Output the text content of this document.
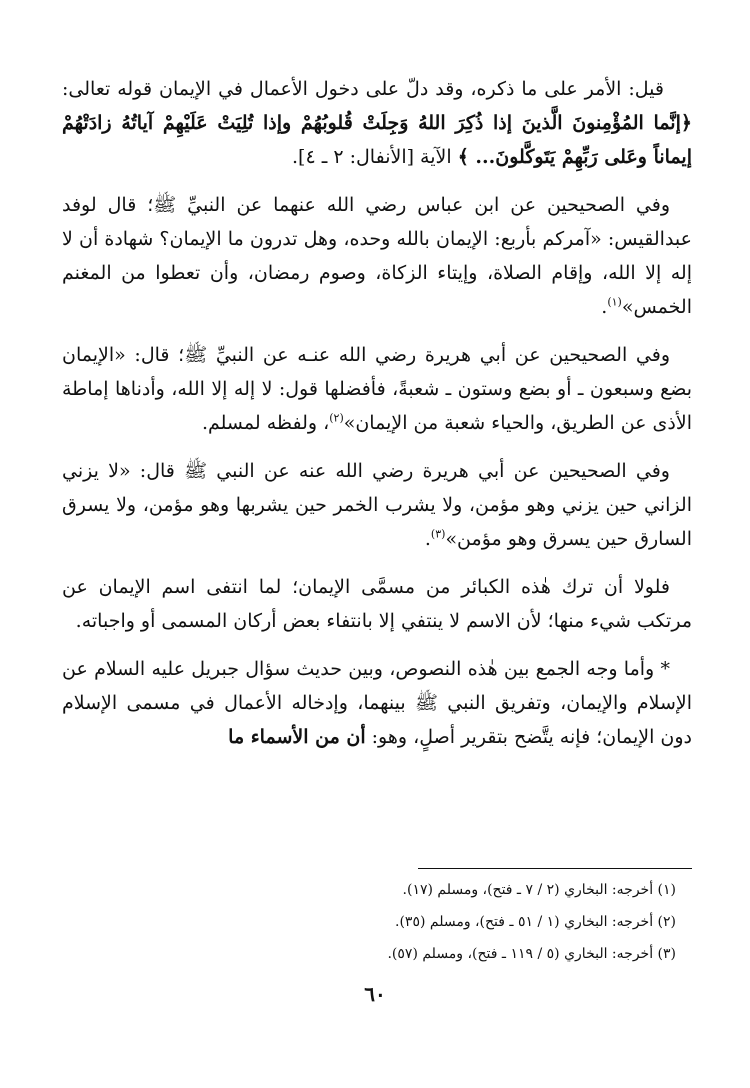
قيل: الأمر على ما ذكره، وقد دلّ على دخول الأعمال في الإيمان قوله تعالى: ﴿إنَّما المُؤْمِنونَ الَّذينَ إذا ذُكِرَ اللهُ وَجِلَتْ قُلوبُهُمْ وإذا تُلِيَتْ عَلَيْهِمْ آياتُهُ زادَتْهُمْ إيماناً وعَلى رَبِّهِمْ يَتَوكَّلونَ... ﴾ الآية [الأنفال: ٢ ـ ٤].

وفي الصحيحين عن ابن عباس رضي الله عنهما عن النبيِّ ﷺ؛ قال لوفد عبدالقيس: «آمركم بأربع: الإيمان بالله وحده، وهل تدرون ما الإيمان؟ شهادة أن لا إله إلا الله، وإقام الصلاة، وإيتاء الزكاة، وصوم رمضان، وأن تعطوا من المغنم الخمس»$^{(١)}$.

وفي الصحيحين عن أبي هريرة رضي الله عنـه عن النبيِّ ﷺ؛ قال: «الإيمان بضع وسبعون ـ أو بضع وستون ـ شعبةً، فأفضلها قول: لا إله إلا الله، وأدناها إماطة الأذى عن الطريق، والحياء شعبة من الإيمان»$^{(٢)}$، ولفظه لمسلم.

وفي الصحيحين عن أبي هريرة رضي الله عنه عن النبي ﷺ قال: «لا يزني الزاني حين يزني وهو مؤمن، ولا يشرب الخمر حين يشربها وهو مؤمن، ولا يسرق السارق حين يسرق وهو مؤمن»$^{(٣)}$.

فلولا أن ترك هٰذه الكبائر من مسمَّى الإيمان؛ لما انتفى اسم الإيمان عن مرتكب شيء منها؛ لأن الاسم لا ينتفي إلا بانتفاء بعض أركان المسمى أو واجباته.

* وأما وجه الجمع بين هٰذه النصوص، وبين حديث سؤال جبريل عليه السلام عن الإسلام والإيمان، وتفريق النبي ﷺ بينهما، وإدخاله الأعمال في مسمى الإسلام دون الإيمان؛ فإنه يتَّضح بتقرير أصلٍ، وهو: أن من الأسماء ما

(١) أخرجه: البخاري (٢ / ٧ ـ فتح)، ومسلم (١٧).

(٢) أخرجه: البخاري (١ / ٥١ ـ فتح)، ومسلم (٣٥).

(٣) أخرجه: البخاري (٥ / ١١٩ ـ فتح)، ومسلم (٥٧).

٦٠
